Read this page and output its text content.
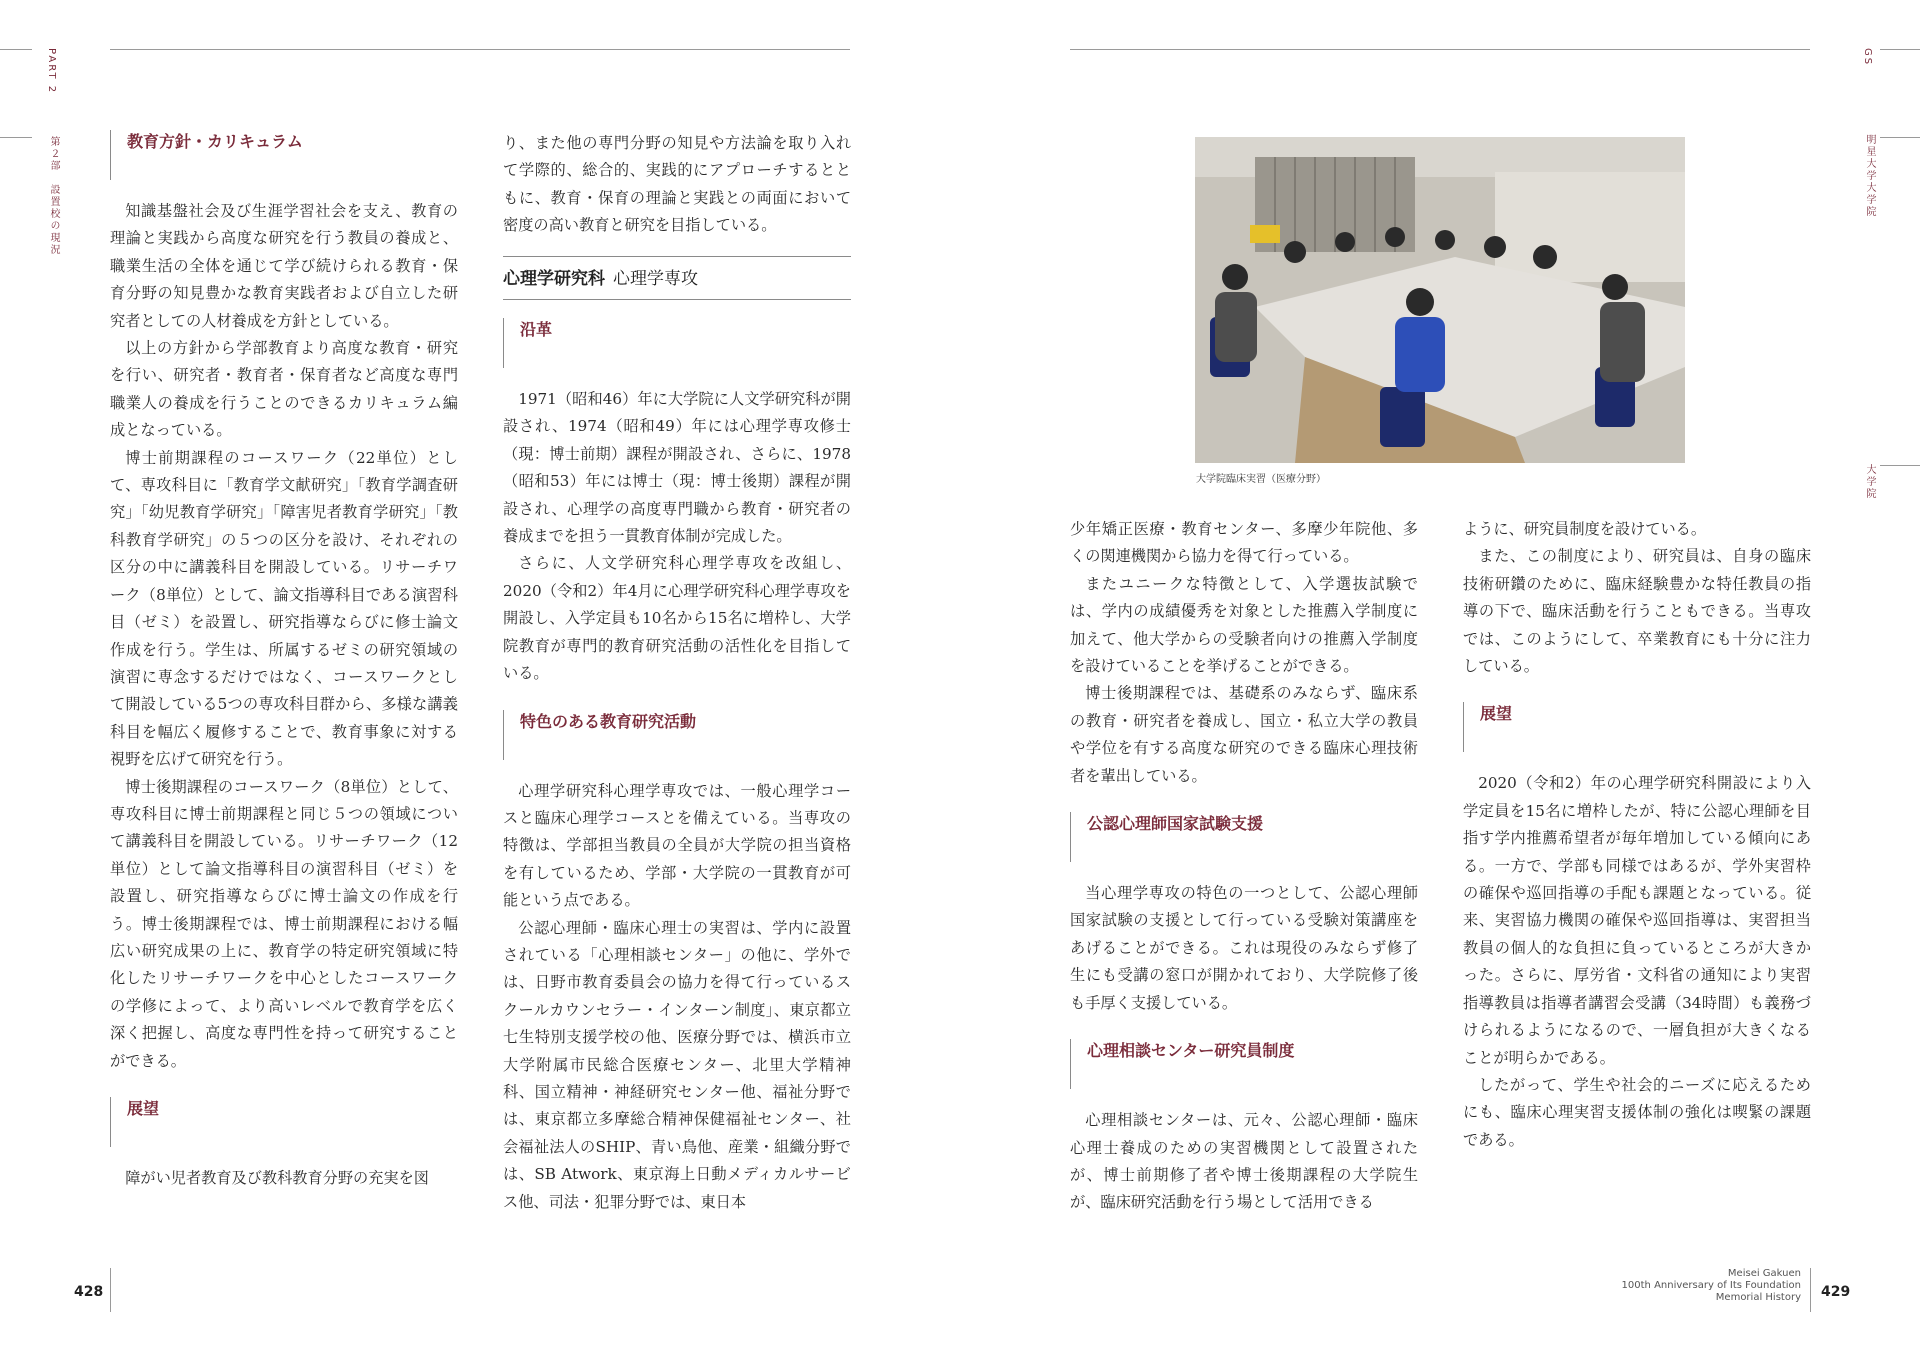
PART 2
第２部　設置校の現況
GS
明星大学大学院
大学院
教育方針・カリキュラム

知識基盤社会及び生涯学習社会を支え、教育の理論と実践から高度な研究を行う教員の養成と、職業生活の全体を通じて学び続けられる教育・保育分野の知見豊かな教育実践者および自立した研究者としての人材養成を方針としている。

以上の方針から学部教育より高度な教育・研究を行い、研究者・教育者・保育者など高度な専門職業人の養成を行うことのできるカリキュラム編成となっている。

博士前期課程のコースワーク（22単位）として、専攻科目に「教育学文献研究」「教育学調査研究」「幼児教育学研究」「障害児者教育学研究」「教科教育学研究」の５つの区分を設け、それぞれの区分の中に講義科目を開設している。リサーチワーク（8単位）として、論文指導科目である演習科目（ゼミ）を設置し、研究指導ならびに修士論文作成を行う。学生は、所属するゼミの研究領域の演習に専念するだけではなく、コースワークとして開設している5つの専攻科目群から、多様な講義科目を幅広く履修することで、教育事象に対する視野を広げて研究を行う。

博士後期課程のコースワーク（8単位）として、専攻科目に博士前期課程と同じ５つの領域について講義科目を開設している。リサーチワーク（12単位）として論文指導科目の演習科目（ゼミ）を設置し、研究指導ならびに博士論文の作成を行う。博士後期課程では、博士前期課程における幅広い研究成果の上に、教育学の特定研究領域に特化したリサーチワークを中心としたコースワークの学修によって、より高いレベルで教育学を広く深く把握し、高度な専門性を持って研究することができる。

展望

障がい児者教育及び教科教育分野の充実を図

り、また他の専門分野の知見や方法論を取り入れて学際的、総合的、実践的にアプローチするとともに、教育・保育の理論と実践との両面において密度の高い教育と研究を目指している。

心理学研究科 心理学専攻
沿革

1971（昭和46）年に大学院に人文学研究科が開設され、1974（昭和49）年には心理学専攻修士（現：博士前期）課程が開設され、さらに、1978（昭和53）年には博士（現：博士後期）課程が開設され、心理学の高度専門職から教育・研究者の養成までを担う一貫教育体制が完成した。

さらに、人文学研究科心理学専攻を改組し、2020（令和2）年4月に心理学研究科心理学専攻を開設し、入学定員も10名から15名に増枠し、大学院教育が専門的教育研究活動の活性化を目指している。

特色のある教育研究活動

心理学研究科心理学専攻では、一般心理学コースと臨床心理学コースとを備えている。当専攻の特徴は、学部担当教員の全員が大学院の担当資格を有しているため、学部・大学院の一貫教育が可能という点である。

公認心理師・臨床心理士の実習は、学内に設置されている「心理相談センター」の他に、学外では、日野市教育委員会の協力を得て行っているスクールカウンセラー・インターン制度」、東京都立七生特別支援学校の他、医療分野では、横浜市立大学附属市民総合医療センター、北里大学精神科、国立精神・神経研究センター他、福祉分野では、東京都立多摩総合精神保健福祉センター、社会福祉法人のSHIP、青い鳥他、産業・組織分野では、SB Atwork、東京海上日動メディカルサービス他、司法・犯罪分野では、東日本

大学院臨床実習（医療分野）

少年矯正医療・教育センター、多摩少年院他、多くの関連機関から協力を得て行っている。

またユニークな特徴として、入学選抜試験では、学内の成績優秀を対象とした推薦入学制度に加えて、他大学からの受験者向けの推薦入学制度を設けていることを挙げることができる。

博士後期課程では、基礎系のみならず、臨床系の教育・研究者を養成し、国立・私立大学の教員や学位を有する高度な研究のできる臨床心理技術者を輩出している。

公認心理師国家試験支援

当心理学専攻の特色の一つとして、公認心理師国家試験の支援として行っている受験対策講座をあげることができる。これは現役のみならず修了生にも受講の窓口が開かれており、大学院修了後も手厚く支援している。

心理相談センター研究員制度

心理相談センターは、元々、公認心理師・臨床心理士養成のための実習機関として設置されたが、博士前期修了者や博士後期課程の大学院生が、臨床研究活動を行う場として活用できる

ように、研究員制度を設けている。

また、この制度により、研究員は、自身の臨床技術研鑽のために、臨床経験豊かな特任教員の指導の下で、臨床活動を行うこともできる。当専攻では、このようにして、卒業教育にも十分に注力している。

展望

2020（令和2）年の心理学研究科開設により入学定員を15名に増枠したが、特に公認心理師を目指す学内推薦希望者が毎年増加している傾向にある。一方で、学部も同様ではあるが、学外実習枠の確保や巡回指導の手配も課題となっている。従来、実習協力機関の確保や巡回指導は、実習担当教員の個人的な負担に負っているところが大きかった。さらに、厚労省・文科省の通知により実習指導教員は指導者講習会受講（34時間）も義務づけられるようになるので、一層負担が大きくなることが明らかである。

したがって、学生や社会的ニーズに応えるためにも、臨床心理実習支援体制の強化は喫緊の課題である。

428
Meisei Gakuen
100th Anniversary of Its Foundation
Memorial History 429
